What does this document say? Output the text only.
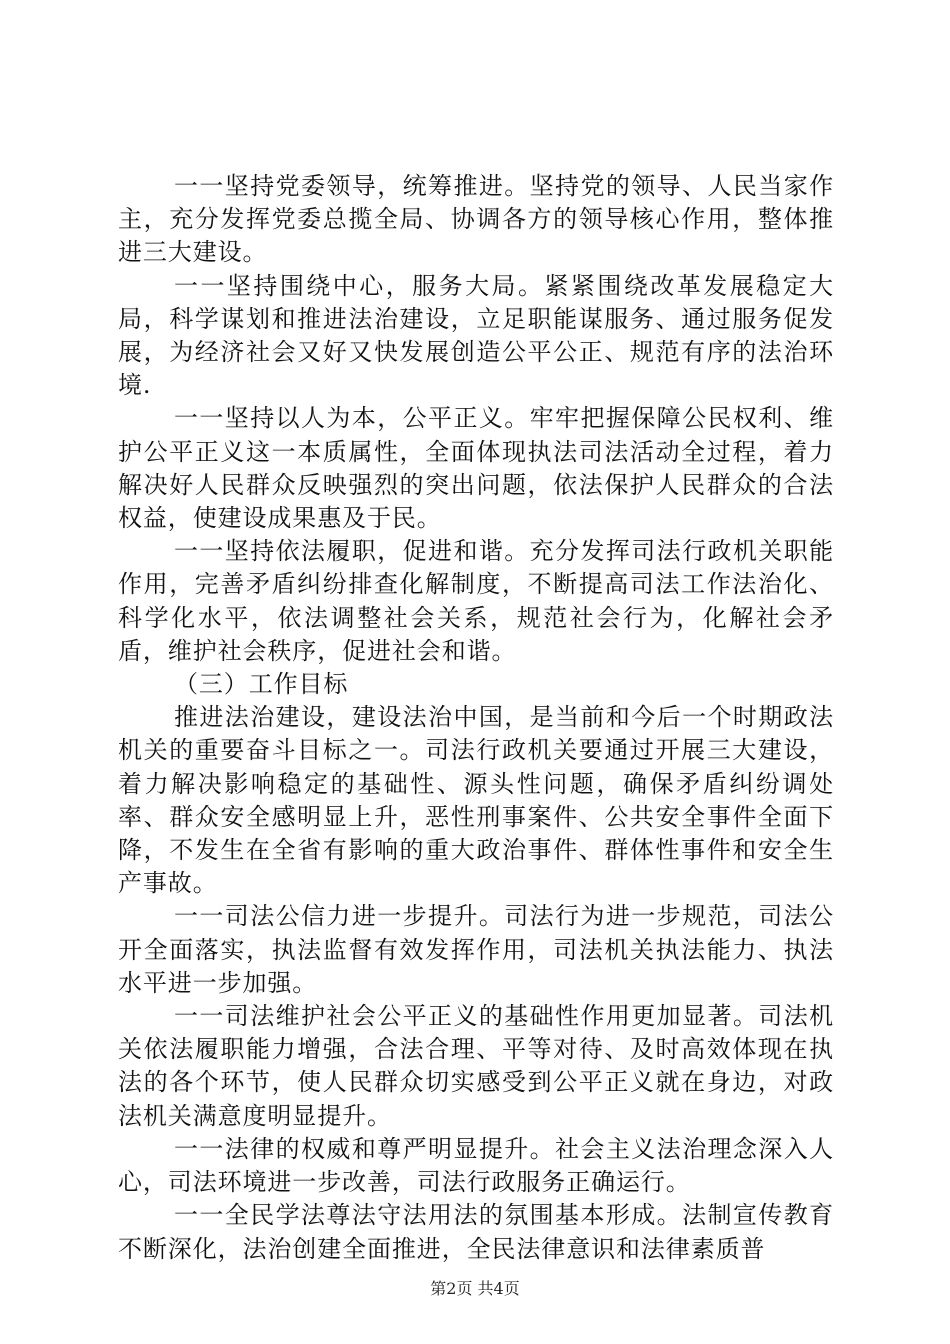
一一坚持党委领导，统筹推进。坚持党的领导、人民当家作主，充分发挥党委总揽全局、协调各方的领导核心作用，整体推进三大建设。

一一坚持围绕中心，服务大局。紧紧围绕改革发展稳定大局，科学谋划和推进法治建设，立足职能谋服务、通过服务促发展，为经济社会又好又快发展创造公平公正、规范有序的法治环境.

一一坚持以人为本，公平正义。牢牢把握保障公民权利、维护公平正义这一本质属性，全面体现执法司法活动全过程，着力解决好人民群众反映强烈的突出问题，依法保护人民群众的合法权益，使建设成果惠及于民。

一一坚持依法履职，促进和谐。充分发挥司法行政机关职能作用，完善矛盾纠纷排查化解制度，不断提高司法工作法治化、科学化水平，依法调整社会关系，规范社会行为，化解社会矛盾，维护社会秩序，促进社会和谐。

（三）工作目标

推进法治建设，建设法治中国，是当前和今后一个时期政法机关的重要奋斗目标之一。司法行政机关要通过开展三大建设，着力解决影响稳定的基础性、源头性问题，确保矛盾纠纷调处率、群众安全感明显上升，恶性刑事案件、公共安全事件全面下降，不发生在全省有影响的重大政治事件、群体性事件和安全生产事故。

一一司法公信力进一步提升。司法行为进一步规范，司法公开全面落实，执法监督有效发挥作用，司法机关执法能力、执法水平进一步加强。

一一司法维护社会公平正义的基础性作用更加显著。司法机关依法履职能力增强，合法合理、平等对待、及时高效体现在执法的各个环节，使人民群众切实感受到公平正义就在身边，对政法机关满意度明显提升。

一一法律的权威和尊严明显提升。社会主义法治理念深入人心，司法环境进一步改善，司法行政服务正确运行。

一一全民学法尊法守法用法的氛围基本形成。法制宣传教育不断深化，法治创建全面推进，全民法律意识和法律素质普

第2页 共4页
